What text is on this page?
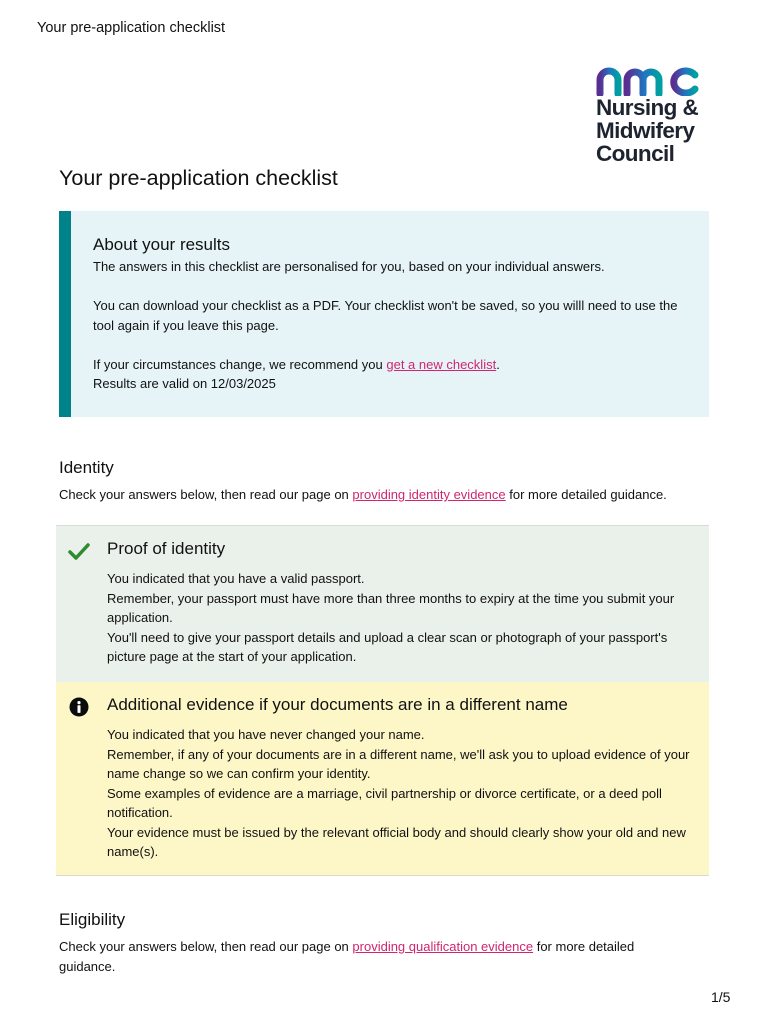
Your pre-application checklist
Nursing &
Midwifery
Council
Your pre-application checklist
About your results

The answers in this checklist are personalised for you, based on your individual answers.

You can download your checklist as a PDF. Your checklist won't be saved, so you willl need to use the tool again if you leave this page.

If your circumstances change, we recommend you get a new checklist.

Results are valid on 12/03/2025

Identity

Check your answers below, then read our page on providing identity evidence for more detailed guidance.

Proof of identity

You indicated that you have a valid passport.

Remember, your passport must have more than three months to expiry at the time you submit your application.

You'll need to give your passport details and upload a clear scan or photograph of your passport's picture page at the start of your application.

Additional evidence if your documents are in a different name

You indicated that you have never changed your name.

Remember, if any of your documents are in a different name, we'll ask you to upload evidence of your name change so we can confirm your identity.

Some examples of evidence are a marriage, civil partnership or divorce certificate, or a deed poll notification.

Your evidence must be issued by the relevant official body and should clearly show your old and new name(s).

Eligibility

Check your answers below, then read our page on providing qualification evidence for more detailed guidance.

1/5
